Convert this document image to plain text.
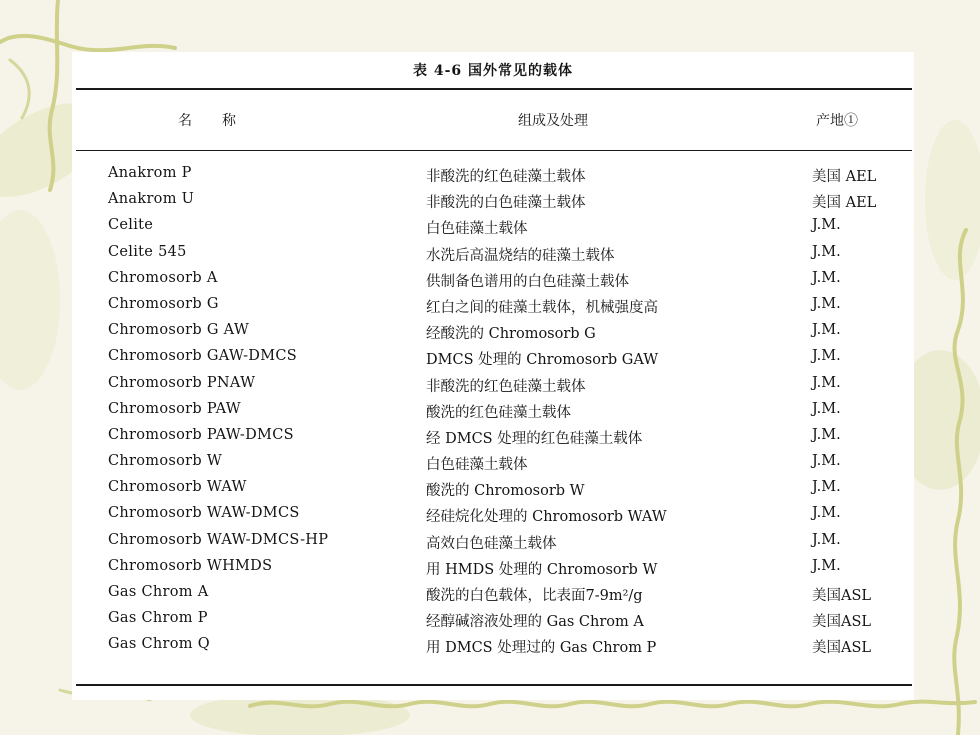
表 4-6 国外常见的载体
名称	组成及处理	产地①
Anakrom P	非酸洗的红色硅藻土载体	美国 AEL
Anakrom U	非酸洗的白色硅藻土载体	美国 AEL
Celite	白色硅藻土载体	J.M.
Celite 545	水洗后高温烧结的硅藻土载体	J.M.
Chromosorb A	供制备色谱用的白色硅藻土载体	J.M.
Chromosorb G	红白之间的硅藻土载体，机械强度高	J.M.
Chromosorb G AW	经酸洗的 Chromosorb G	J.M.
Chromosorb GAW-DMCS	DMCS 处理的 Chromosorb GAW	J.M.
Chromosorb PNAW	非酸洗的红色硅藻土载体	J.M.
Chromosorb PAW	酸洗的红色硅藻土载体	J.M.
Chromosorb PAW-DMCS	经 DMCS 处理的红色硅藻土载体	J.M.
Chromosorb W	白色硅藻土载体	J.M.
Chromosorb WAW	酸洗的 Chromosorb W	J.M.
Chromosorb WAW-DMCS	经硅烷化处理的 Chromosorb WAW	J.M.
Chromosorb WAW-DMCS-HP	高效白色硅藻土载体	J.M.
Chromosorb WHMDS	用 HMDS 处理的 Chromosorb W	J.M.
Gas Chrom A	酸洗的白色载体，比表面7-9m²/g	美国ASL
Gas Chrom P	经醇碱溶液处理的 Gas Chrom A	美国ASL
Gas Chrom Q	用 DMCS 处理过的 Gas Chrom P	美国ASL
